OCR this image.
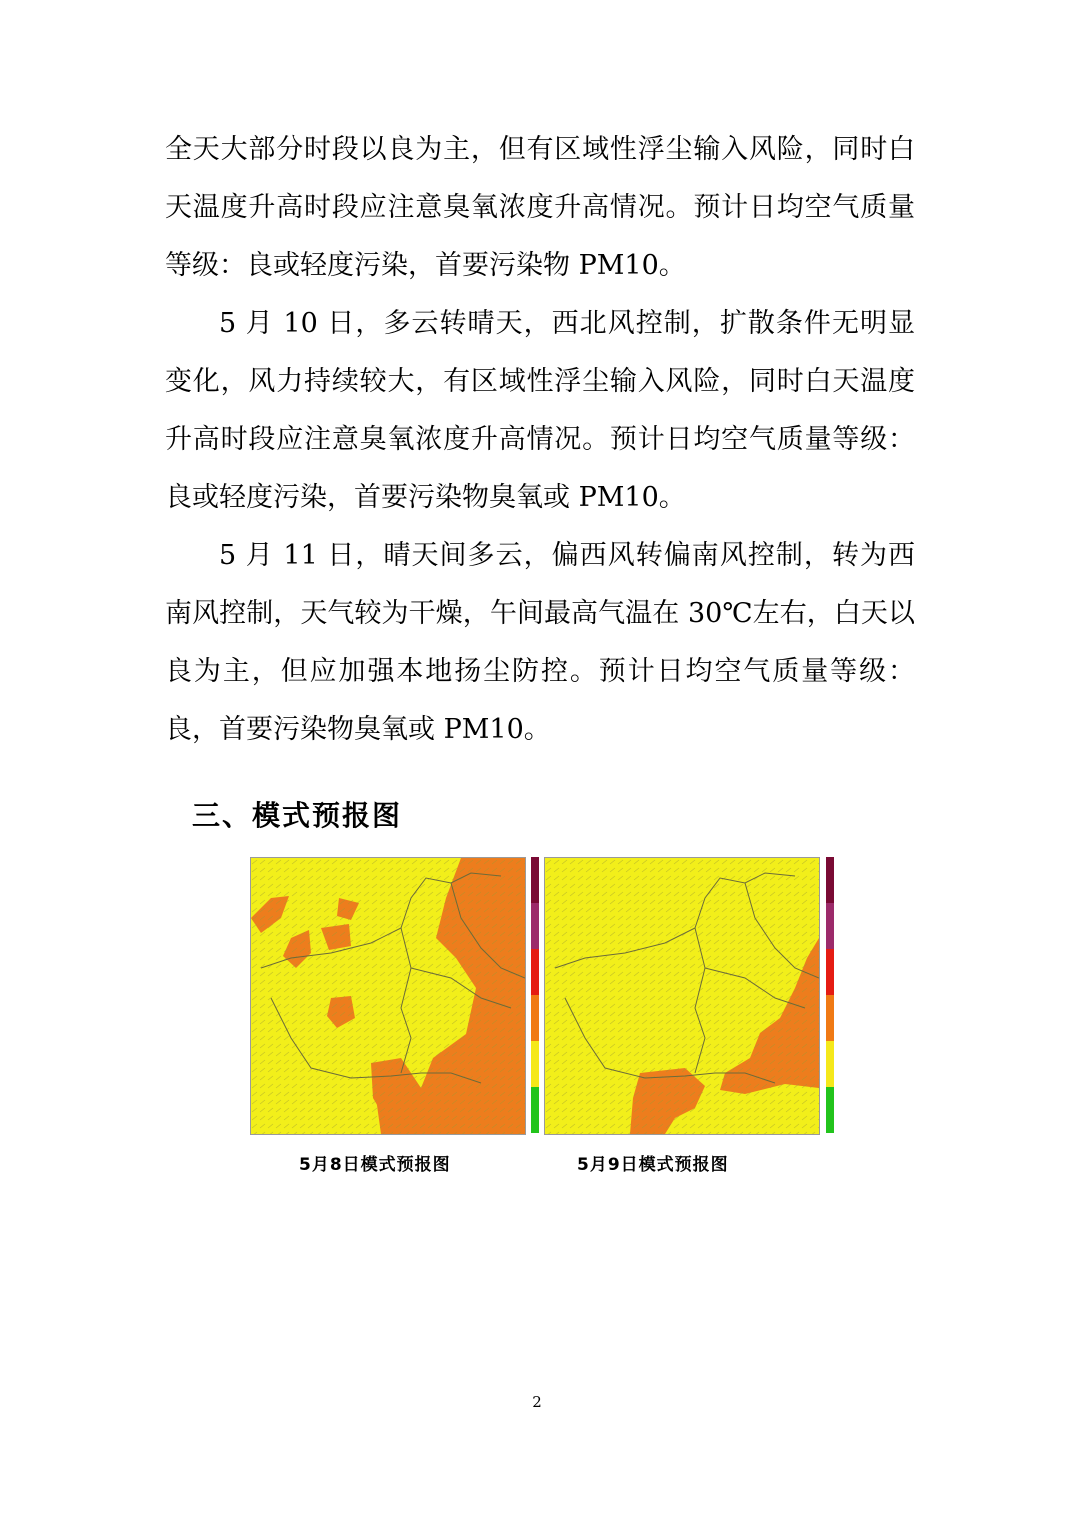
全天大部分时段以良为主，但有区域性浮尘输入风险，同时白天温度升高时段应注意臭氧浓度升高情况。预计日均空气质量等级：良或轻度污染，首要污染物 PM10。

5 月 10 日，多云转晴天，西北风控制，扩散条件无明显变化，风力持续较大，有区域性浮尘输入风险，同时白天温度升高时段应注意臭氧浓度升高情况。预计日均空气质量等级：良或轻度污染，首要污染物臭氧或 PM10。

5 月 11 日，晴天间多云，偏西风转偏南风控制，转为西南风控制，天气较为干燥，午间最高气温在 30℃左右，白天以良为主，但应加强本地扬尘防控。预计日均空气质量等级：良，首要污染物臭氧或 PM10。

三、模式预报图

5月8日模式预报图	5月9日模式预报图

2
